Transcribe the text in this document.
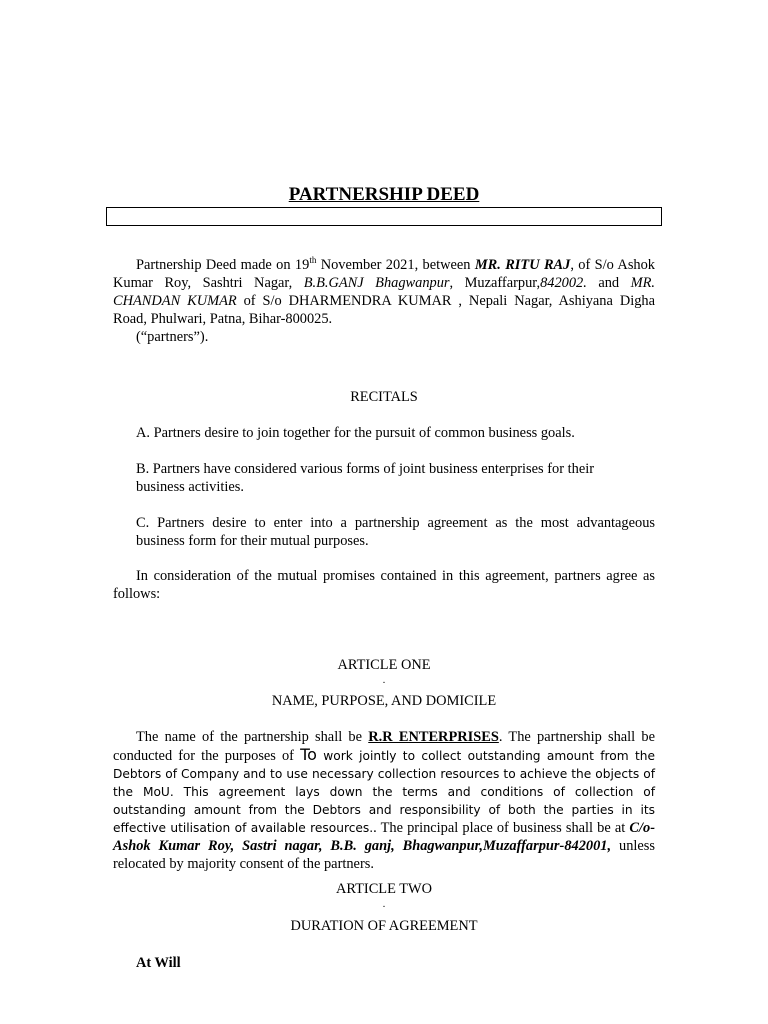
PARTNERSHIP DEED

Partnership Deed made on 19th November 2021, between MR. RITU RAJ, of S/o Ashok Kumar Roy, Sashtri Nagar, B.B.GANJ Bhagwanpur, Muzaffarpur,842002. and MR. CHANDAN KUMAR of S/o DHARMENDRA KUMAR , Nepali Nagar, Ashiyana Digha Road, Phulwari, Patna, Bihar-800025.

(“partners”).

RECITALS

A. Partners desire to join together for the pursuit of common business goals.

B. Partners have considered various forms of joint business enterprises for their business activities.

C. Partners desire to enter into a partnership agreement as the most advantageous business form for their mutual purposes.

In consideration of the mutual promises contained in this agreement, partners agree as follows:

ARTICLE ONE
.
NAME, PURPOSE, AND DOMICILE

The name of the partnership shall be R.R ENTERPRISES. The partnership shall be conducted for the purposes of To work jointly to collect outstanding amount from the Debtors of Company and to use necessary collection resources to achieve the objects of the MoU. This agreement lays down the terms and conditions of collection of outstanding amount from the Debtors and responsibility of both the parties in its effective utilisation of available resources.. The principal place of business shall be at C/o- Ashok Kumar Roy, Sastri nagar, B.B. ganj, Bhagwanpur,Muzaffarpur-842001, unless relocated by majority consent of the partners.

ARTICLE TWO
.
DURATION OF AGREEMENT

At Will
